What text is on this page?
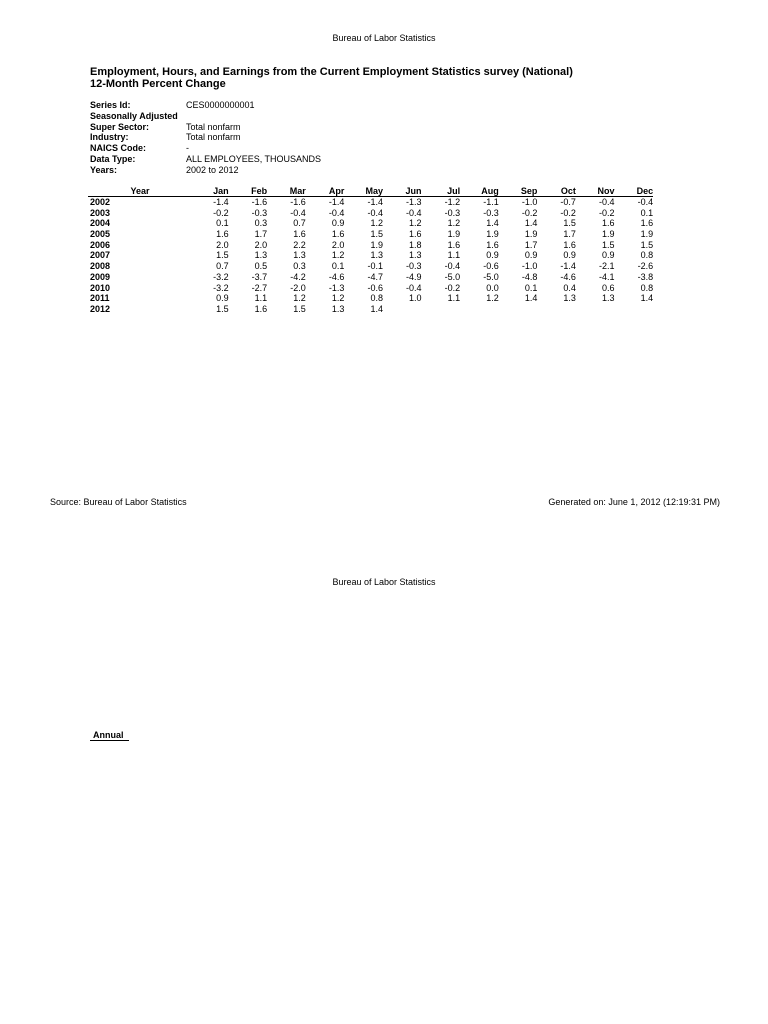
Bureau of Labor Statistics
Employment, Hours, and Earnings from the Current Employment Statistics survey (National)
12-Month Percent Change
Series Id:	CES0000000001
Seasonally Adjusted
Super Sector:	Total nonfarm
Industry:	Total nonfarm
NAICS Code:	-
Data Type:	ALL EMPLOYEES, THOUSANDS
Years:	2002 to 2012
Year	Jan	Feb	Mar	Apr	May	Jun	Jul	Aug	Sep	Oct	Nov	Dec
2002	-1.4	-1.6	-1.6	-1.4	-1.4	-1.3	-1.2	-1.1	-1.0	-0.7	-0.4	-0.4
2003	-0.2	-0.3	-0.4	-0.4	-0.4	-0.4	-0.3	-0.3	-0.2	-0.2	-0.2	0.1
2004	0.1	0.3	0.7	0.9	1.2	1.2	1.2	1.4	1.4	1.5	1.6	1.6
2005	1.6	1.7	1.6	1.6	1.5	1.6	1.9	1.9	1.9	1.7	1.9	1.9
2006	2.0	2.0	2.2	2.0	1.9	1.8	1.6	1.6	1.7	1.6	1.5	1.5
2007	1.5	1.3	1.3	1.2	1.3	1.3	1.1	0.9	0.9	0.9	0.9	0.8
2008	0.7	0.5	0.3	0.1	-0.1	-0.3	-0.4	-0.6	-1.0	-1.4	-2.1	-2.6
2009	-3.2	-3.7	-4.2	-4.6	-4.7	-4.9	-5.0	-5.0	-4.8	-4.6	-4.1	-3.8
2010	-3.2	-2.7	-2.0	-1.3	-0.6	-0.4	-0.2	0.0	0.1	0.4	0.6	0.8
2011	0.9	1.1	1.2	1.2	0.8	1.0	1.1	1.2	1.4	1.3	1.3	1.4
2012	1.5	1.6	1.5	1.3	1.4
Source: Bureau of Labor Statistics	Generated on: June 1, 2012 (12:19:31 PM)
Bureau of Labor Statistics
Annual
